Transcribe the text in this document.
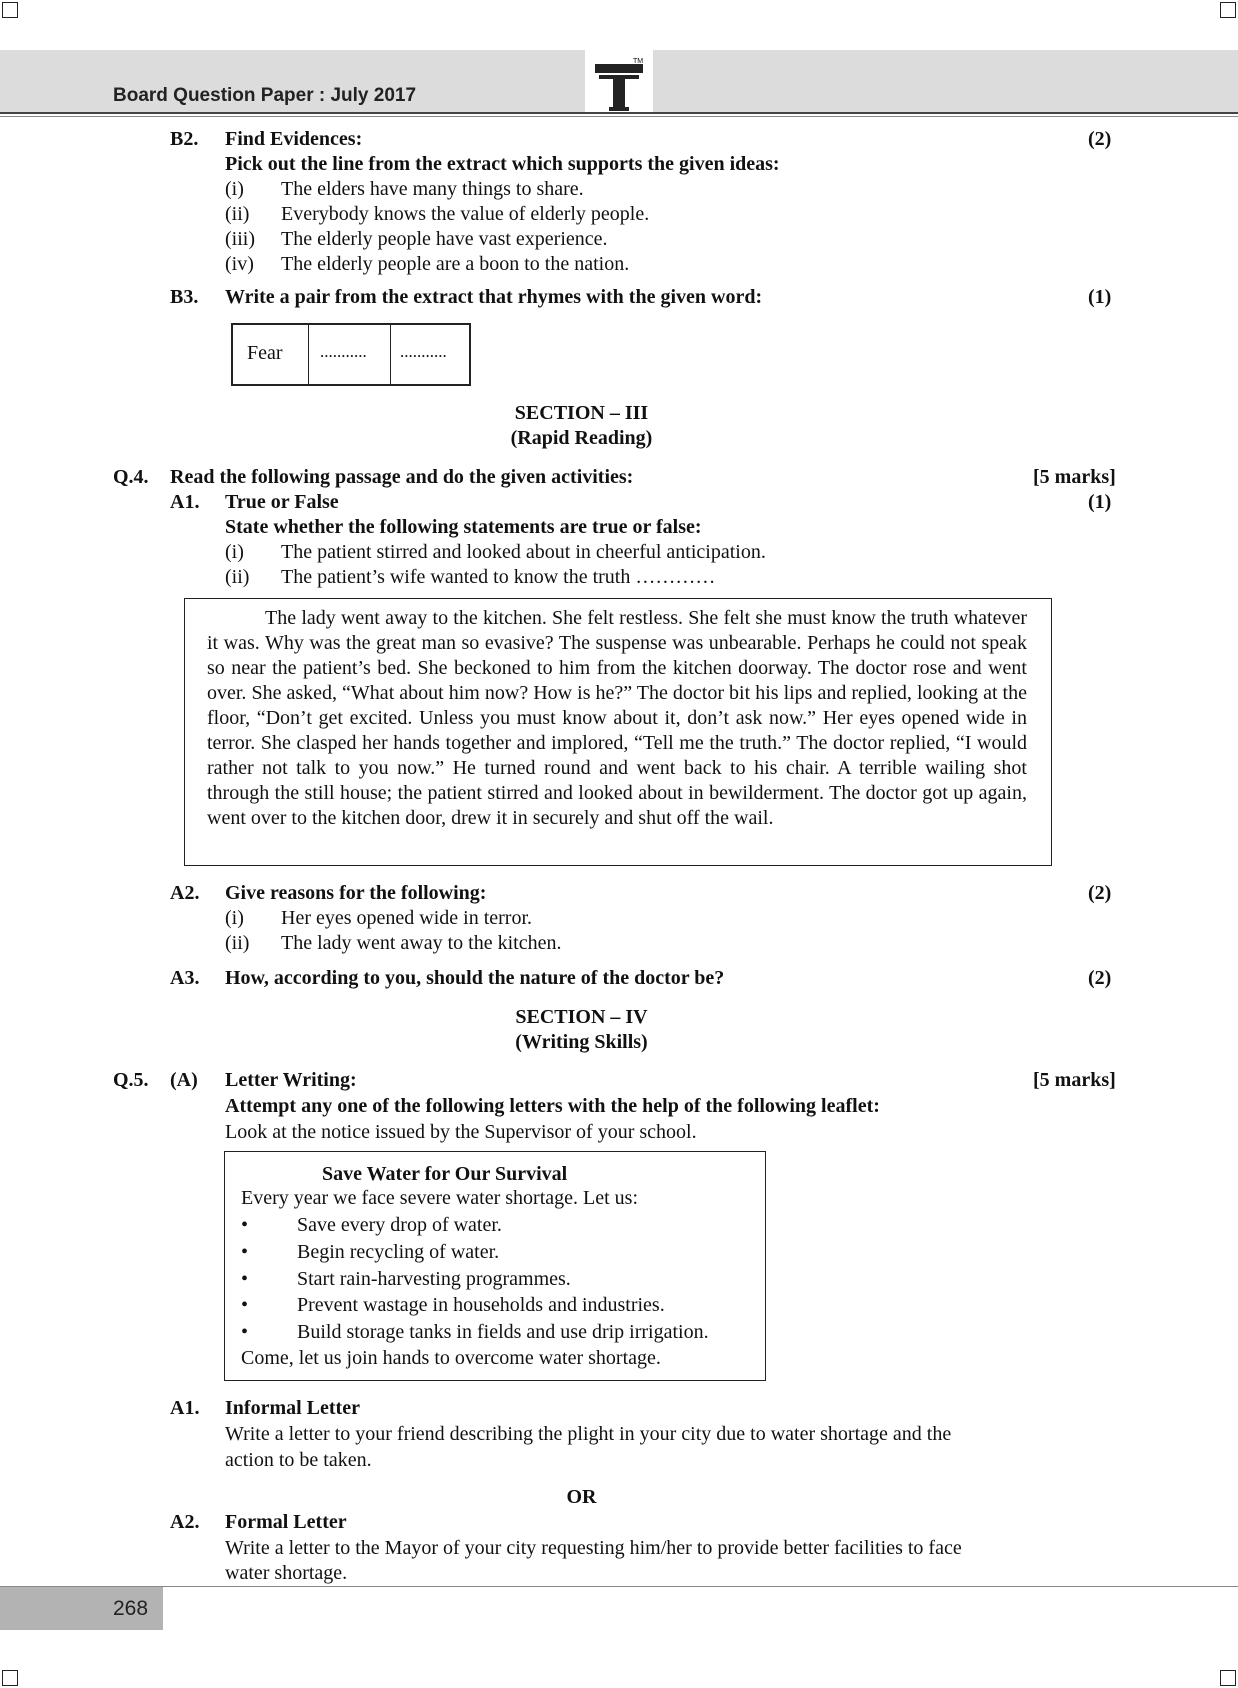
TM
Board Question Paper : July 2017
B2. Find Evidences:	(2)
Pick out the line from the extract which supports the given ideas:
(i) The elders have many things to share.
(ii) Everybody knows the value of elderly people.
(iii) The elderly people have vast experience.
(iv) The elderly people are a boon to the nation.
B3. Write a pair from the extract that rhymes with the given word:	(1)
Fear ........... ...........
SECTION – III
(Rapid Reading)
Q.4. Read the following passage and do the given activities:	[5 marks]
A1. True or False	(1)
State whether the following statements are true or false:
(i) The patient stirred and looked about in cheerful anticipation.
(ii) The patient’s wife wanted to know the truth …………

The lady went away to the kitchen. She felt restless. She felt she must know the truth whatever it was. Why was the great man so evasive? The suspense was unbearable. Perhaps he could not speak so near the patient’s bed. She beckoned to him from the kitchen doorway. The doctor rose and went over. She asked, “What about him now? How is he?” The doctor bit his lips and replied, looking at the floor, “Don’t get excited. Unless you must know about it, don’t ask now.” Her eyes opened wide in terror. She clasped her hands together and implored, “Tell me the truth.” The doctor replied, “I would rather not talk to you now.” He turned round and went back to his chair. A terrible wailing shot through the still house; the patient stirred and looked about in bewilderment. The doctor got up again, went over to the kitchen door, drew it in securely and shut off the wail.

A2. Give reasons for the following:	(2)
(i) Her eyes opened wide in terror.
(ii) The lady went away to the kitchen.
A3. How, according to you, should the nature of the doctor be?	(2)
SECTION – IV
(Writing Skills)
Q.5. (A) Letter Writing:	[5 marks]
Attempt any one of the following letters with the help of the following leaflet:
Look at the notice issued by the Supervisor of your school.
Save Water for Our Survival
Every year we face severe water shortage. Let us:
• Save every drop of water.
• Begin recycling of water.
• Start rain-harvesting programmes.
• Prevent wastage in households and industries.
• Build storage tanks in fields and use drip irrigation.
Come, let us join hands to overcome water shortage.
A1. Informal Letter
Write a letter to your friend describing the plight in your city due to water shortage and the
action to be taken.
OR
A2. Formal Letter
Write a letter to the Mayor of your city requesting him/her to provide better facilities to face
water shortage.
268
